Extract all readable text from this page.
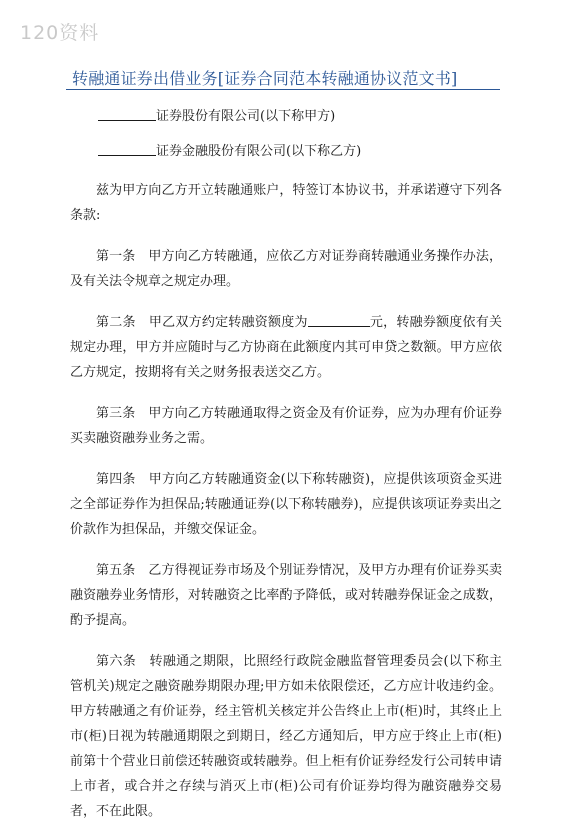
120资料
转融通证券出借业务[证券合同范本转融通协议范文书]

证券股份有限公司(以下称甲方)

证券金融股份有限公司(以下称乙方)

兹为甲方向乙方开立转融通账户，特签订本协议书，并承诺遵守下列各条款:

第一条　甲方向乙方转融通，应依乙方对证券商转融通业务操作办法，及有关法令规章之规定办理。

第二条　甲乙双方约定转融资额度为	元，转融券额度依有关规定办理，甲方并应随时与乙方协商在此额度内其可申贷之数额。甲方应依乙方规定，按期将有关之财务报表送交乙方。

第三条　甲方向乙方转融通取得之资金及有价证券，应为办理有价证券买卖融资融券业务之需。

第四条　甲方向乙方转融通资金(以下称转融资)，应提供该项资金买进之全部证券作为担保品;转融通证券(以下称转融券)，应提供该项证券卖出之价款作为担保品，并缴交保证金。

第五条　乙方得视证券市场及个别证券情况，及甲方办理有价证券买卖融资融券业务情形，对转融资之比率酌予降低，或对转融券保证金之成数，酌予提高。

第六条　转融通之期限，比照经行政院金融监督管理委员会(以下称主管机关)规定之融资融券期限办理;甲方如未依限偿还，乙方应计收违约金。甲方转融通之有价证券，经主管机关核定并公告终止上市(柜)时，其终止上市(柜)日视为转融通期限之到期日，经乙方通知后，甲方应于终止上市(柜)前第十个营业日前偿还转融资或转融券。但上柜有价证券经发行公司转申请上市者，或合并之存续与消灭上市(柜)公司有价证券均得为融资融券交易者，不在此限。
